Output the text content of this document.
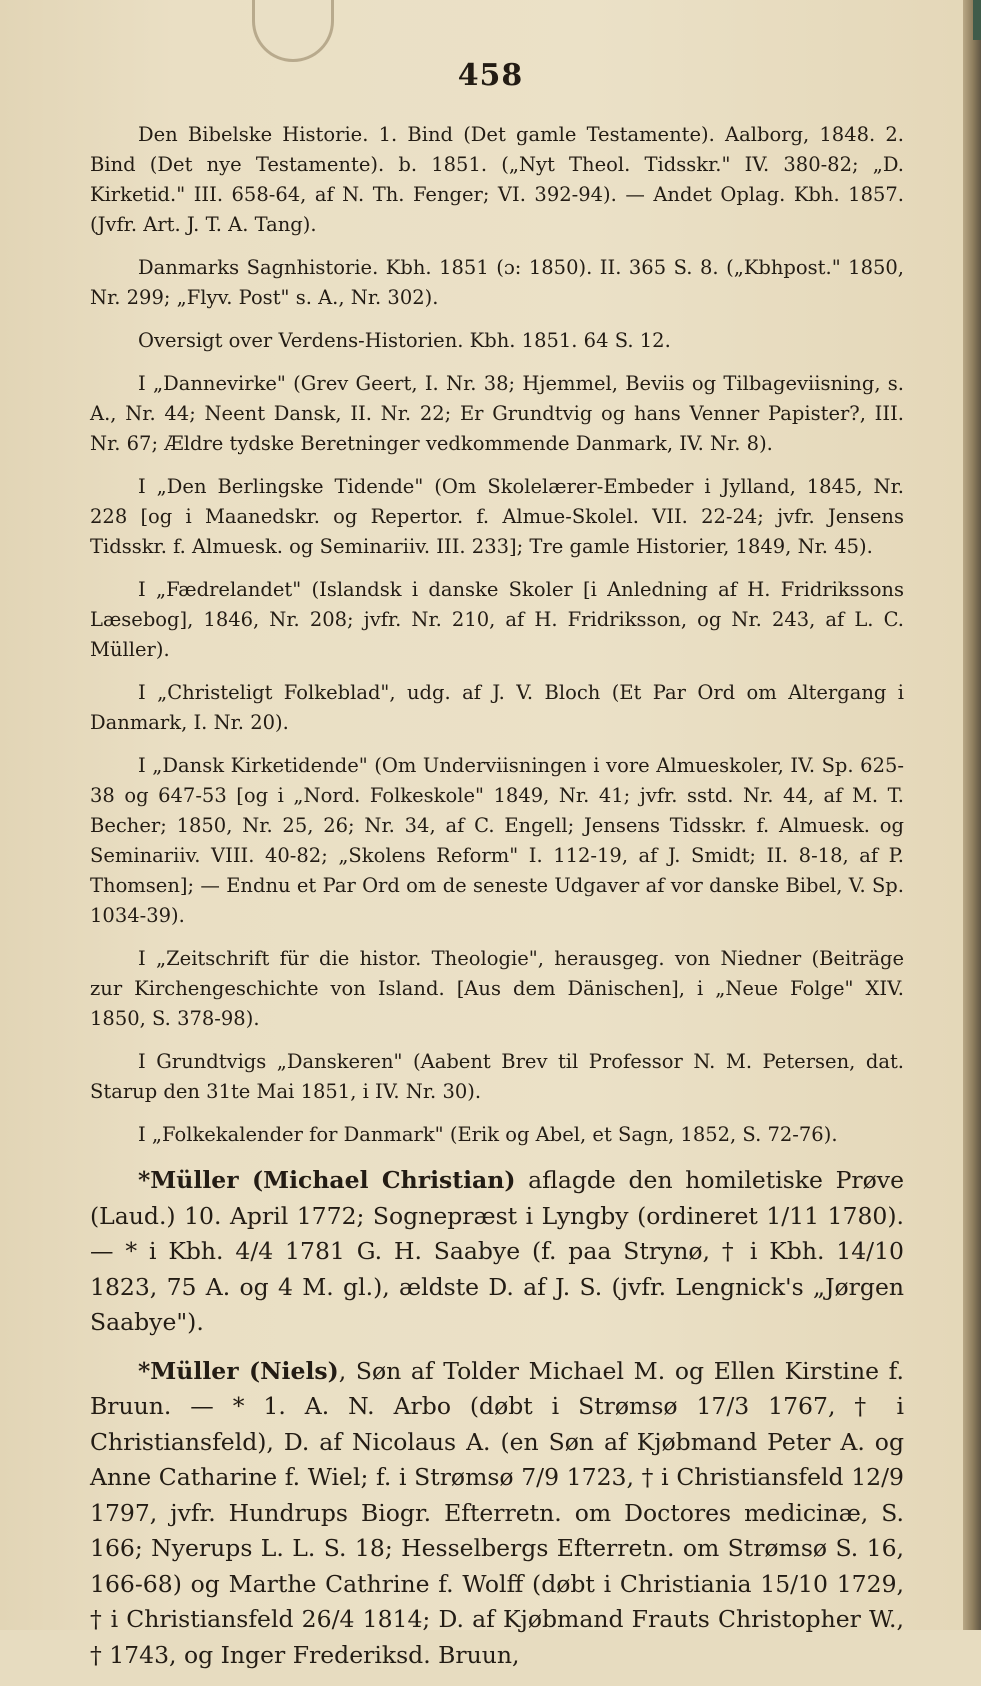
458

Den Bibelske Historie. 1. Bind (Det gamle Testamente). Aalborg, 1848. 2. Bind (Det nye Testamente). b. 1851. („Nyt Theol. Tidsskr." IV. 380-82; „D. Kirketid." III. 658-64, af N. Th. Fenger; VI. 392-94). — Andet Oplag. Kbh. 1857. (Jvfr. Art. J. T. A. Tang).

Danmarks Sagnhistorie. Kbh. 1851 (ɔ: 1850). II. 365 S. 8. („Kbhpost." 1850, Nr. 299; „Flyv. Post" s. A., Nr. 302).

Oversigt over Verdens-Historien. Kbh. 1851. 64 S. 12.

I „Dannevirke" (Grev Geert, I. Nr. 38; Hjemmel, Beviis og Tilbageviisning, s. A., Nr. 44; Neent Dansk, II. Nr. 22; Er Grundtvig og hans Venner Papister?, III. Nr. 67; Ældre tydske Beretninger vedkommende Danmark, IV. Nr. 8).

I „Den Berlingske Tidende" (Om Skolelærer-Embeder i Jylland, 1845, Nr. 228 [og i Maanedskr. og Repertor. f. Almue-Skolel. VII. 22-24; jvfr. Jensens Tidsskr. f. Almuesk. og Seminariiv. III. 233]; Tre gamle Historier, 1849, Nr. 45).

I „Fædrelandet" (Islandsk i danske Skoler [i Anledning af H. Fridrikssons Læsebog], 1846, Nr. 208; jvfr. Nr. 210, af H. Fridriksson, og Nr. 243, af L. C. Müller).

I „Christeligt Folkeblad", udg. af J. V. Bloch (Et Par Ord om Altergang i Danmark, I. Nr. 20).

I „Dansk Kirketidende" (Om Underviisningen i vore Almueskoler, IV. Sp. 625-38 og 647-53 [og i „Nord. Folkeskole" 1849, Nr. 41; jvfr. sstd. Nr. 44, af M. T. Becher; 1850, Nr. 25, 26; Nr. 34, af C. Engell; Jensens Tidsskr. f. Almuesk. og Seminariiv. VIII. 40-82; „Skolens Reform" I. 112-19, af J. Smidt; II. 8-18, af P. Thomsen]; — Endnu et Par Ord om de seneste Udgaver af vor danske Bibel, V. Sp. 1034-39).

I „Zeitschrift für die histor. Theologie", herausgeg. von Niedner (Beiträge zur Kirchengeschichte von Island. [Aus dem Dänischen], i „Neue Folge" XIV. 1850, S. 378-98).

I Grundtvigs „Danskeren" (Aabent Brev til Professor N. M. Petersen, dat. Starup den 31te Mai 1851, i IV. Nr. 30).

I „Folkekalender for Danmark" (Erik og Abel, et Sagn, 1852, S. 72-76).

*Müller (Michael Christian) aflagde den homiletiske Prøve (Laud.) 10. April 1772; Sognepræst i Lyngby (ordineret 1/11 1780). — * i Kbh. 4/4 1781 G. H. Saabye (f. paa Strynø, † i Kbh. 14/10 1823, 75 A. og 4 M. gl.), ældste D. af J. S. (jvfr. Lengnick's „Jørgen Saabye").

*Müller (Niels), Søn af Tolder Michael M. og Ellen Kirstine f. Bruun. — * 1. A. N. Arbo (døbt i Strømsø 17/3 1767, † i Christiansfeld), D. af Nicolaus A. (en Søn af Kjøbmand Peter A. og Anne Catharine f. Wiel; f. i Strømsø 7/9 1723, † i Christiansfeld 12/9 1797, jvfr. Hundrups Biogr. Efterretn. om Doctores medicinæ, S. 166; Nyerups L. L. S. 18; Hesselbergs Efterretn. om Strømsø S. 16, 166-68) og Marthe Cathrine f. Wolff (døbt i Christiania 15/10 1729, † i Christiansfeld 26/4 1814; D. af Kjøbmand Frauts Christopher W., † 1743, og Inger Frederiksd. Bruun,
